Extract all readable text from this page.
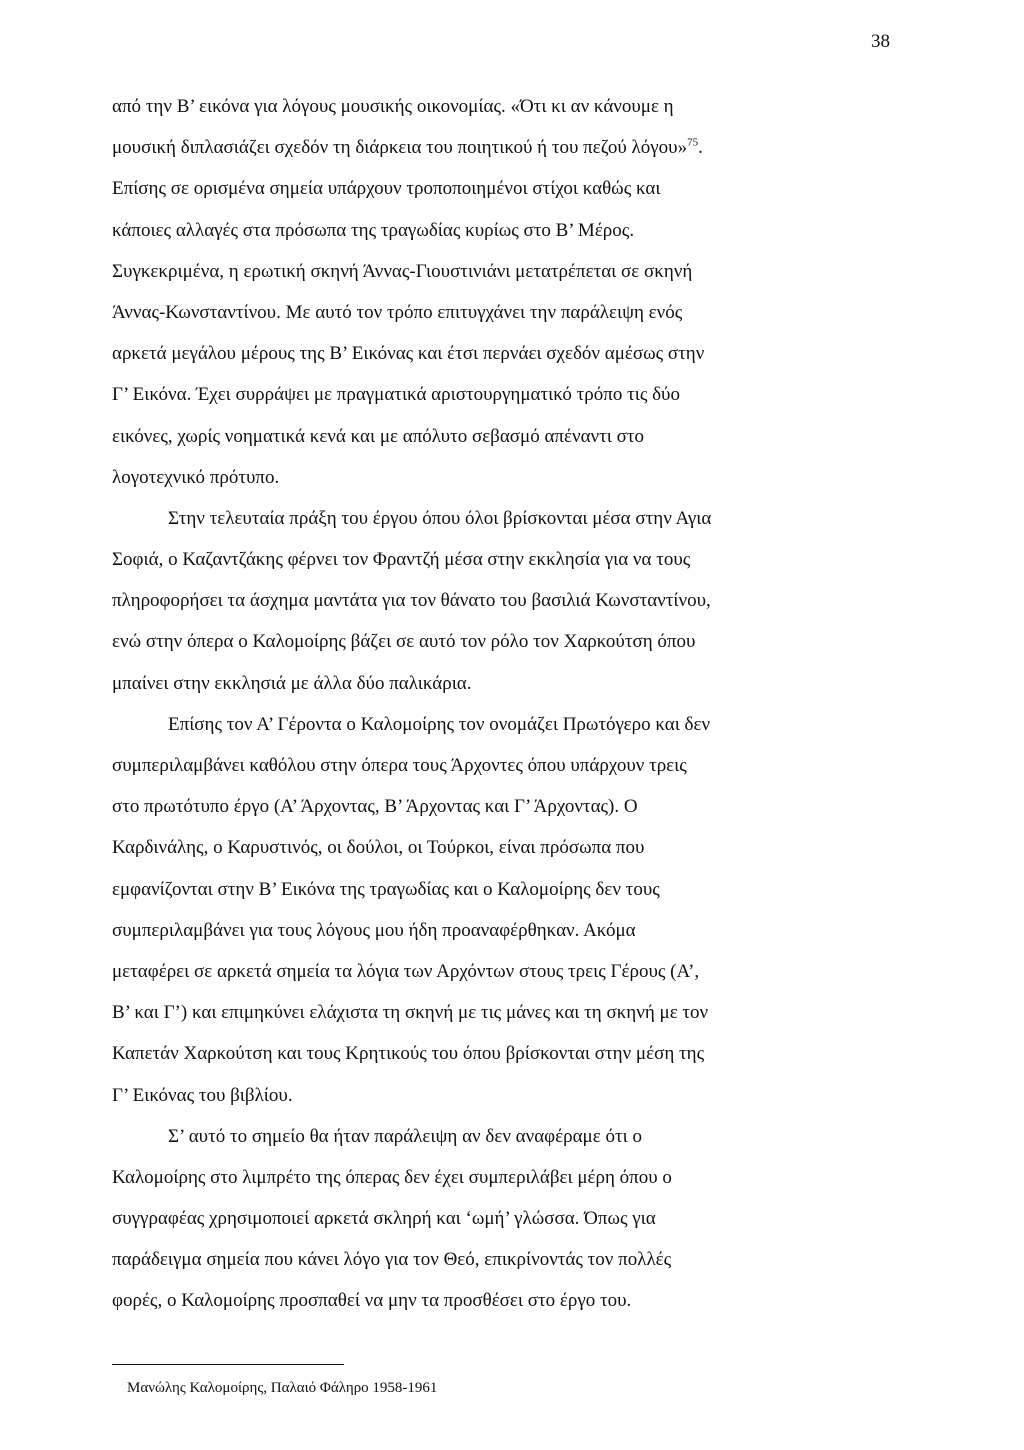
38

από την Β’ εικόνα για λόγους μουσικής οικονομίας. «Ότι κι αν κάνουμε η
μουσική διπλασιάζει σχεδόν τη διάρκεια του ποιητικού ή του πεζού λόγου»$^{75}$.
Επίσης σε ορισμένα σημεία υπάρχουν τροποποιημένοι στίχοι καθώς και
κάποιες αλλαγές στα πρόσωπα της τραγωδίας κυρίως στο Β’ Μέρος.
Συγκεκριμένα, η ερωτική σκηνή Άννας-Γιουστινιάνι μετατρέπεται σε σκηνή
Άννας-Κωνσταντίνου. Με αυτό τον τρόπο επιτυγχάνει την παράλειψη ενός
αρκετά μεγάλου μέρους της Β’ Εικόνας και έτσι περνάει σχεδόν αμέσως στην
Γ’ Εικόνα. Έχει συρράψει με πραγματικά αριστουργηματικό τρόπο τις δύο
εικόνες, χωρίς νοηματικά κενά και με απόλυτο σεβασμό απέναντι στο
λογοτεχνικό πρότυπο.

Στην τελευταία πράξη του έργου όπου όλοι βρίσκονται μέσα στην Αγια
Σοφιά, ο Καζαντζάκης φέρνει τον Φραντζή μέσα στην εκκλησία για να τους
πληροφορήσει τα άσχημα μαντάτα για τον θάνατο του βασιλιά Κωνσταντίνου,
ενώ στην όπερα ο Καλομοίρης βάζει σε αυτό τον ρόλο τον Χαρκούτση όπου
μπαίνει στην εκκλησιά με άλλα δύο παλικάρια.

Επίσης τον Α’ Γέροντα ο Καλομοίρης τον ονομάζει Πρωτόγερο και δεν
συμπεριλαμβάνει καθόλου στην όπερα τους Άρχοντες όπου υπάρχουν τρεις
στο πρωτότυπο έργο (Α’ Άρχοντας, Β’ Άρχοντας και Γ’ Άρχοντας). Ο
Καρδινάλης, ο Καρυστινός, οι δούλοι, οι Τούρκοι, είναι πρόσωπα που
εμφανίζονται στην Β’ Εικόνα της τραγωδίας και ο Καλομοίρης δεν τους
συμπεριλαμβάνει για τους λόγους μου ήδη προαναφέρθηκαν. Ακόμα
μεταφέρει σε αρκετά σημεία τα λόγια των Αρχόντων στους τρεις Γέρους (Α’,
Β’ και Γ’) και επιμηκύνει ελάχιστα τη σκηνή με τις μάνες και τη σκηνή με τον
Καπετάν Χαρκούτση και τους Κρητικούς του όπου βρίσκονται στην μέση της
Γ’ Εικόνας του βιβλίου.

Σ’ αυτό το σημείο θα ήταν παράλειψη αν δεν αναφέραμε ότι ο
Καλομοίρης στο λιμπρέτο της όπερας δεν έχει συμπεριλάβει μέρη όπου ο
συγγραφέας χρησιμοποιεί αρκετά σκληρή και ‘ωμή’ γλώσσα. Όπως για
παράδειγμα σημεία που κάνει λόγο για τον Θεό, επικρίνοντάς τον πολλές
φορές, ο Καλομοίρης προσπαθεί να μην τα προσθέσει στο έργο του.

Μανώλης Καλομοίρης, Παλαιό Φάληρο 1958-1961
